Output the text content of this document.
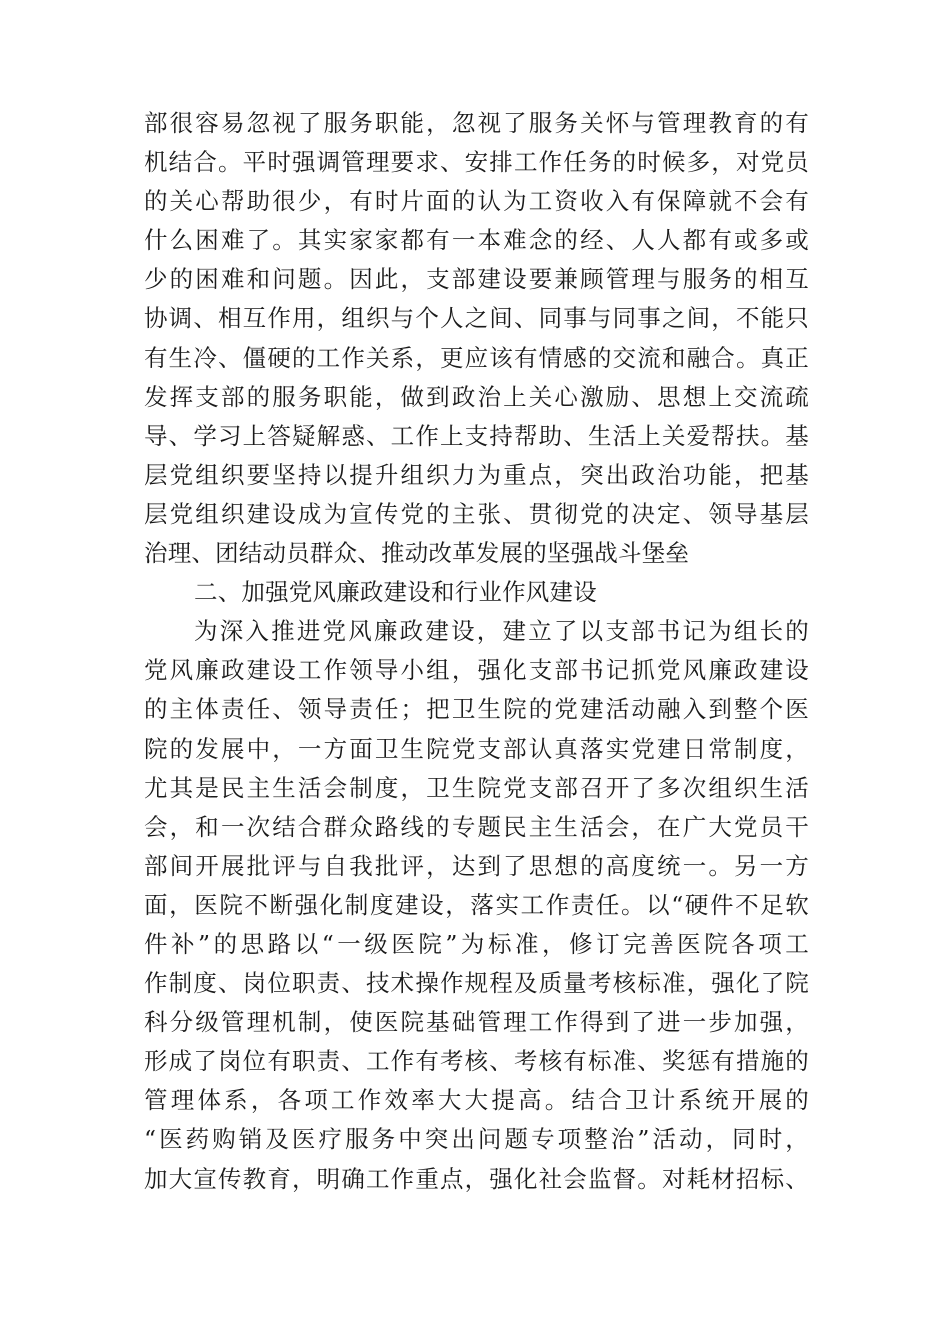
部很容易忽视了服务职能，忽视了服务关怀与管理教育的有
机结合。平时强调管理要求、安排工作任务的时候多，对党员
的关心帮助很少，有时片面的认为工资收入有保障就不会有
什么困难了。其实家家都有一本难念的经、人人都有或多或
少的困难和问题。因此，支部建设要兼顾管理与服务的相互
协调、相互作用，组织与个人之间、同事与同事之间，不能只
有生冷、僵硬的工作关系，更应该有情感的交流和融合。真正
发挥支部的服务职能，做到政治上关心激励、思想上交流疏
导、学习上答疑解惑、工作上支持帮助、生活上关爱帮扶。基
层党组织要坚持以提升组织力为重点，突出政治功能，把基
层党组织建设成为宣传党的主张、贯彻党的决定、领导基层
治理、团结动员群众、推动改革发展的坚强战斗堡垒
二、加强党风廉政建设和行业作风建设
为深入推进党风廉政建设，建立了以支部书记为组长的
党风廉政建设工作领导小组，强化支部书记抓党风廉政建设
的主体责任、领导责任；把卫生院的党建活动融入到整个医
院的发展中，一方面卫生院党支部认真落实党建日常制度，
尤其是民主生活会制度，卫生院党支部召开了多次组织生活
会，和一次结合群众路线的专题民主生活会，在广大党员干
部间开展批评与自我批评，达到了思想的高度统一。另一方
面，医院不断强化制度建设，落实工作责任。以“硬件不足软
件补”的思路以“一级医院”为标准，修订完善医院各项工
作制度、岗位职责、技术操作规程及质量考核标准，强化了院
科分级管理机制，使医院基础管理工作得到了进一步加强，
形成了岗位有职责、工作有考核、考核有标准、奖惩有措施的
管理体系，各项工作效率大大提高。结合卫计系统开展的
“医药购销及医疗服务中突出问题专项整治”活动，同时，
加大宣传教育，明确工作重点，强化社会监督。对耗材招标、
